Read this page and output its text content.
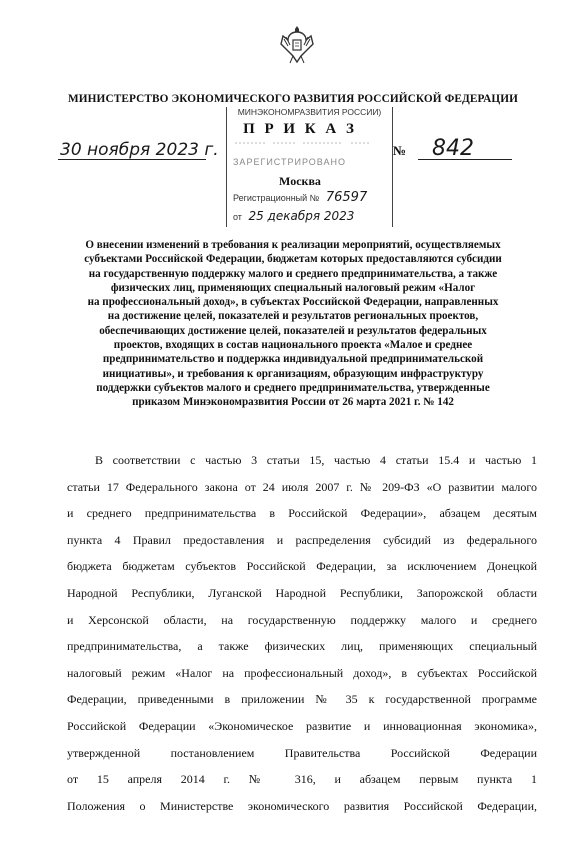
МИНИСТЕРСТВО ЭКОНОМИЧЕСКОГО РАЗВИТИЯ РОССИЙСКОЙ ФЕДЕРАЦИИ
МИНЭКОНОМРАЗВИТИЯ РОССИИ)
ЗАРЕГИСТРИРОВАНО
Регистрационный № 76597
от 25 декабря 2023
П Р И К А З
30 ноября 2023 г.	№ 842
Москва
О внесении изменений в требования к реализации мероприятий, осуществляемых
субъектами Российской Федерации, бюджетам которых предоставляются субсидии
на государственную поддержку малого и среднего предпринимательства, а также
физических лиц, применяющих специальный налоговый режим «Налог
на профессиональный доход», в субъектах Российской Федерации, направленных
на достижение целей, показателей и результатов региональных проектов,
обеспечивающих достижение целей, показателей и результатов федеральных
проектов, входящих в состав национального проекта «Малое и среднее
предпринимательство и поддержка индивидуальной предпринимательской
инициативы», и требования к организациям, образующим инфраструктуру
поддержки субъектов малого и среднего предпринимательства, утвержденные
приказом Минэкономразвития России от 26 марта 2021 г. № 142

В соответствии с частью 3 статьи 15, частью 4 статьи 15.4 и частью 1
статьи 17 Федерального закона от 24 июля 2007 г. № 209-ФЗ «О развитии малого
и среднего предпринимательства в Российской Федерации», абзацем десятым
пункта 4 Правил предоставления и распределения субсидий из федерального
бюджета бюджетам субъектов Российской Федерации, за исключением Донецкой
Народной Республики, Луганской Народной Республики, Запорожской области
и Херсонской области, на государственную поддержку малого и среднего
предпринимательства, а также физических лиц, применяющих специальный
налоговый режим «Налог на профессиональный доход», в субъектах Российской
Федерации, приведенными в приложении № 35 к государственной программе
Российской Федерации «Экономическое развитие и инновационная экономика»,
утвержденной постановлением Правительства Российской Федерации
от 15 апреля 2014 г. № 316, и абзацем первым пункта 1
Положения о Министерстве экономического развития Российской Федерации,
